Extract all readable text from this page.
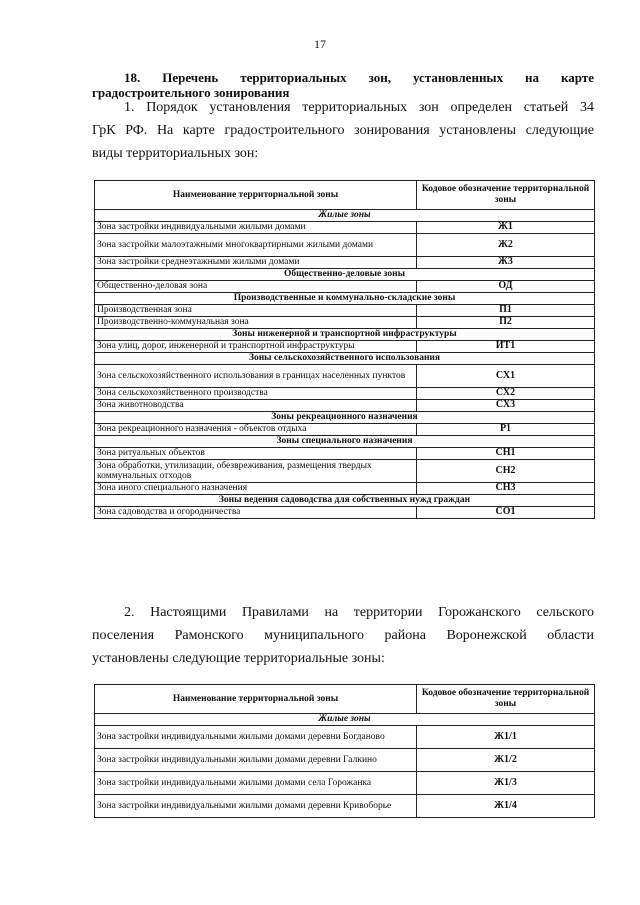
17
18. Перечень территориальных зон, установленных на карте
градостроительного зонирования
1. Порядок установления территориальных зон определен статьей 34
ГрК РФ. На карте градостроительного зонирования установлены следующие
виды территориальных зон:
Наименование территориальной зоны	Кодовое обозначение территориальной зоны
Жилые зоны	
Зона застройки индивидуальными жилыми домами	Ж1
Зона застройки малоэтажными многоквартирными жилыми домами	Ж2
Зона застройки среднеэтажными жилыми домами	Ж3
Общественно-деловые зоны	
Общественно-деловая зона	ОД
Производственные и коммунально-складские зоны	
Производственная зона	П1
Производственно-коммунальная зона	П2
Зоны инженерной и транспортной инфраструктуры	
Зона улиц, дорог, инженерной и транспортной инфраструктуры	ИТ1
Зоны сельскохозяйственного использования	
Зона сельскохозяйственного использования в границах населенных пунктов	СХ1
Зона сельскохозяйственного производства	СХ2
Зона животноводства	СХ3
Зоны рекреационного назначения	
Зона рекреационного назначения - объектов отдыха	Р1
Зоны специального назначения	
Зона ритуальных объектов	СН1
Зона обработки, утилизации, обезвреживания, размещения твердых коммунальных отходов	СН2
Зона иного специального назначения	СН3
Зоны ведения садоводства для собственных нужд граждан	
Зона садоводства и огородничества	СО1
2. Настоящими Правилами на территории Горожанского сельского
поселения Рамонского муниципального района Воронежской области
установлены следующие территориальные зоны:
Наименование территориальной зоны	Кодовое обозначение территориальной зоны
Жилые зоны	
Зона застройки индивидуальными жилыми домами деревни Богданово	Ж1/1
Зона застройки индивидуальными жилыми домами деревни Галкино	Ж1/2
Зона застройки индивидуальными жилыми домами села Горожанка	Ж1/3
Зона застройки индивидуальными жилыми домами деревни Кривоборье	Ж1/4
